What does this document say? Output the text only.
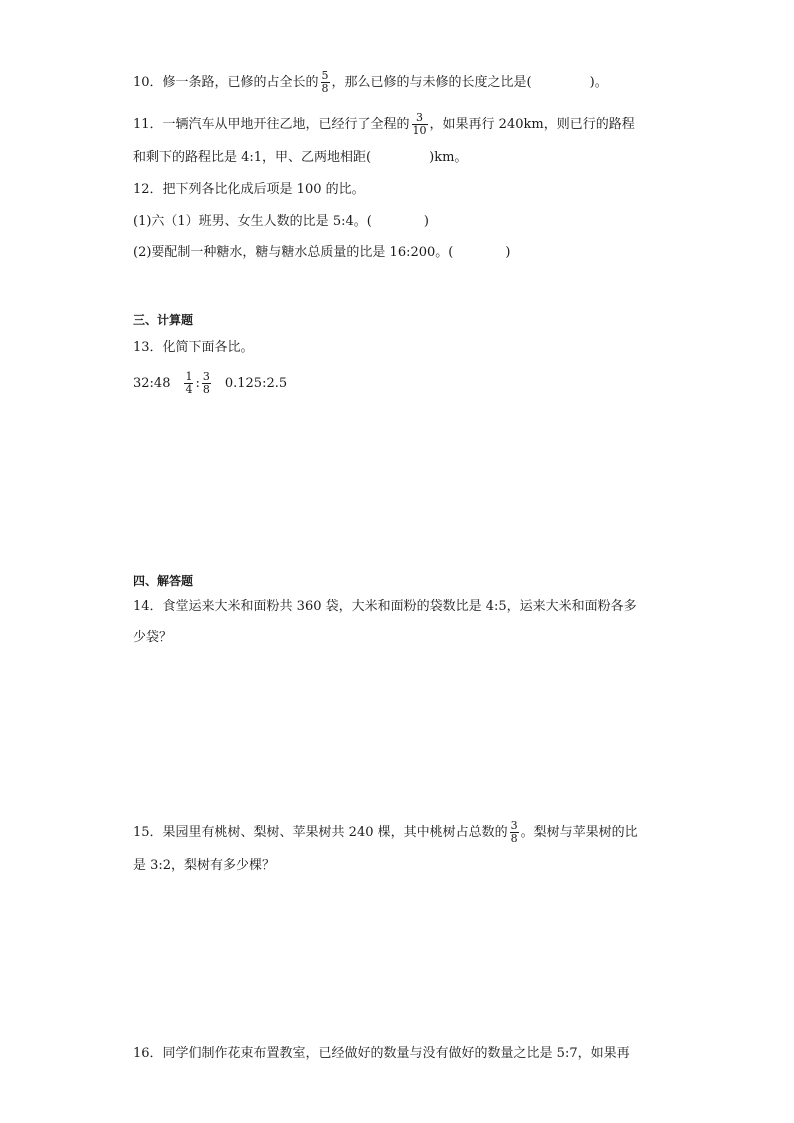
10．修一条路，已修的占全长的 $\frac{5}{8}$ ，那么已修的与未修的长度之比是(	)。
11．一辆汽车从甲地开往乙地，已经行了全程的 $\frac{3}{10}$ ，如果再行 240km，则已行的路程
和剩下的路程比是 4:1，甲、乙两地相距(	)km。
12．把下列各比化成后项是 100 的比。
(1)六（1）班男、女生人数的比是 5:4。(	)
(2)要配制一种糖水，糖与糖水总质量的比是 16:200。(	)
三、计算题
13．化简下面各比。
32:48 $\frac{1}{4}$ : $\frac{3}{8}$ 0.125:2.5
四、解答题
14．食堂运来大米和面粉共 360 袋，大米和面粉的袋数比是 4:5，运来大米和面粉各多
少袋？
15．果园里有桃树、梨树、苹果树共 240 棵，其中桃树占总数的 $\frac{3}{8}$ 。梨树与苹果树的比
是 3:2，梨树有多少棵？
16．同学们制作花束布置教室，已经做好的数量与没有做好的数量之比是 5:7，如果再
